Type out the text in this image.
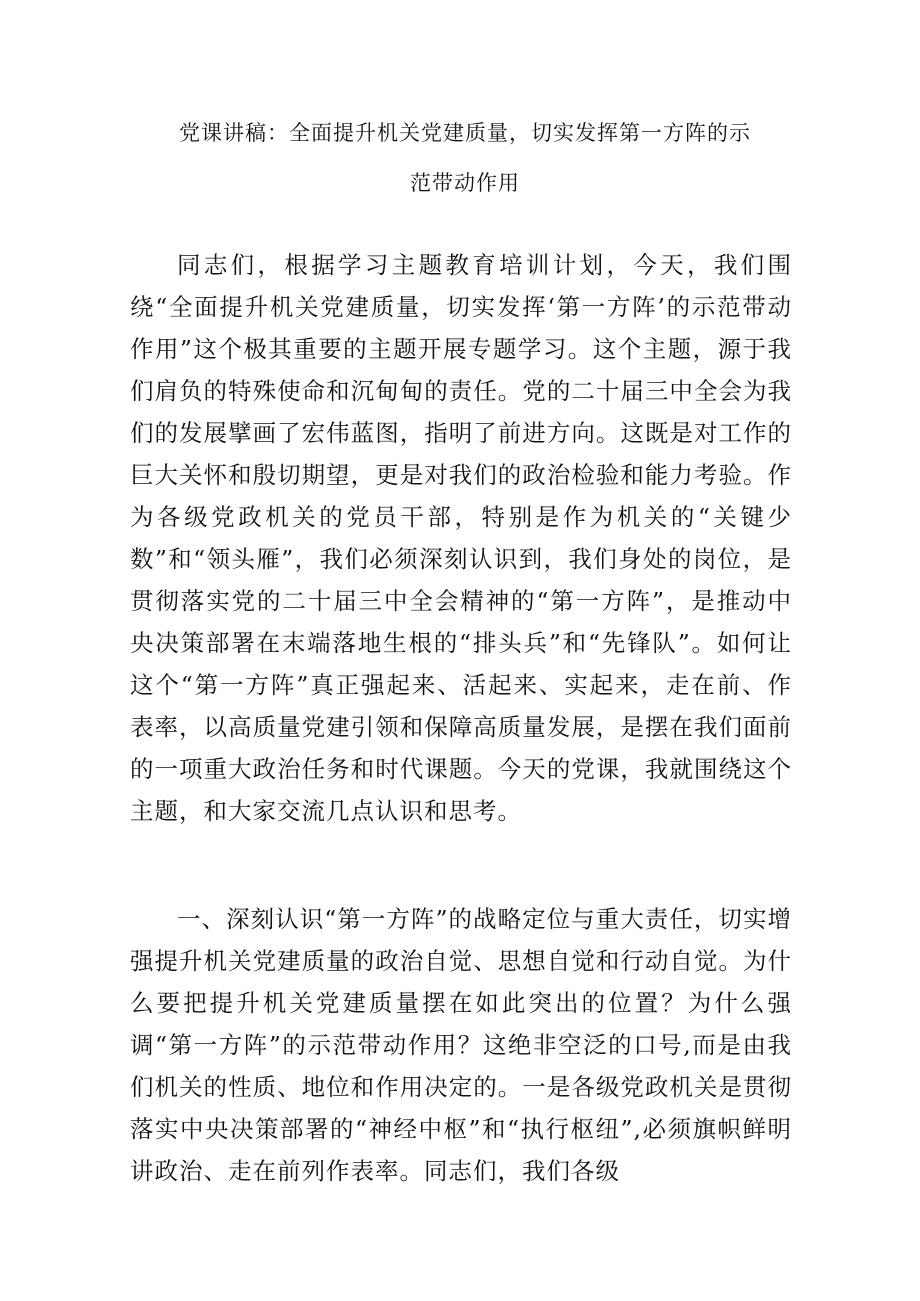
党课讲稿：全面提升机关党建质量，切实发挥第一方阵的示
范带动作用

同志们，根据学习主题教育培训计划，今天，我们围绕“全面提升机关党建质量，切实发挥‘第一方阵’的示范带动作用”这个极其重要的主题开展专题学习。这个主题，源于我们肩负的特殊使命和沉甸甸的责任。党的二十届三中全会为我们的发展擘画了宏伟蓝图，指明了前进方向。这既是对工作的巨大关怀和殷切期望，更是对我们的政治检验和能力考验。作为各级党政机关的党员干部，特别是作为机关的“关键少数”和“领头雁”，我们必须深刻认识到，我们身处的岗位，是贯彻落实党的二十届三中全会精神的“第一方阵”，是推动中央决策部署在末端落地生根的“排头兵”和“先锋队”。如何让这个“第一方阵”真正强起来、活起来、实起来，走在前、作表率，以高质量党建引领和保障高质量发展，是摆在我们面前的一项重大政治任务和时代课题。今天的党课，我就围绕这个主题，和大家交流几点认识和思考。

一、深刻认识“第一方阵”的战略定位与重大责任，切实增强提升机关党建质量的政治自觉、思想自觉和行动自觉。为什么要把提升机关党建质量摆在如此突出的位置？为什么强调“第一方阵”的示范带动作用？这绝非空泛的口号,而是由我们机关的性质、地位和作用决定的。一是各级党政机关是贯彻落实中央决策部署的“神经中枢”和“执行枢纽”,必须旗帜鲜明讲政治、走在前列作表率。同志们，我们各级
